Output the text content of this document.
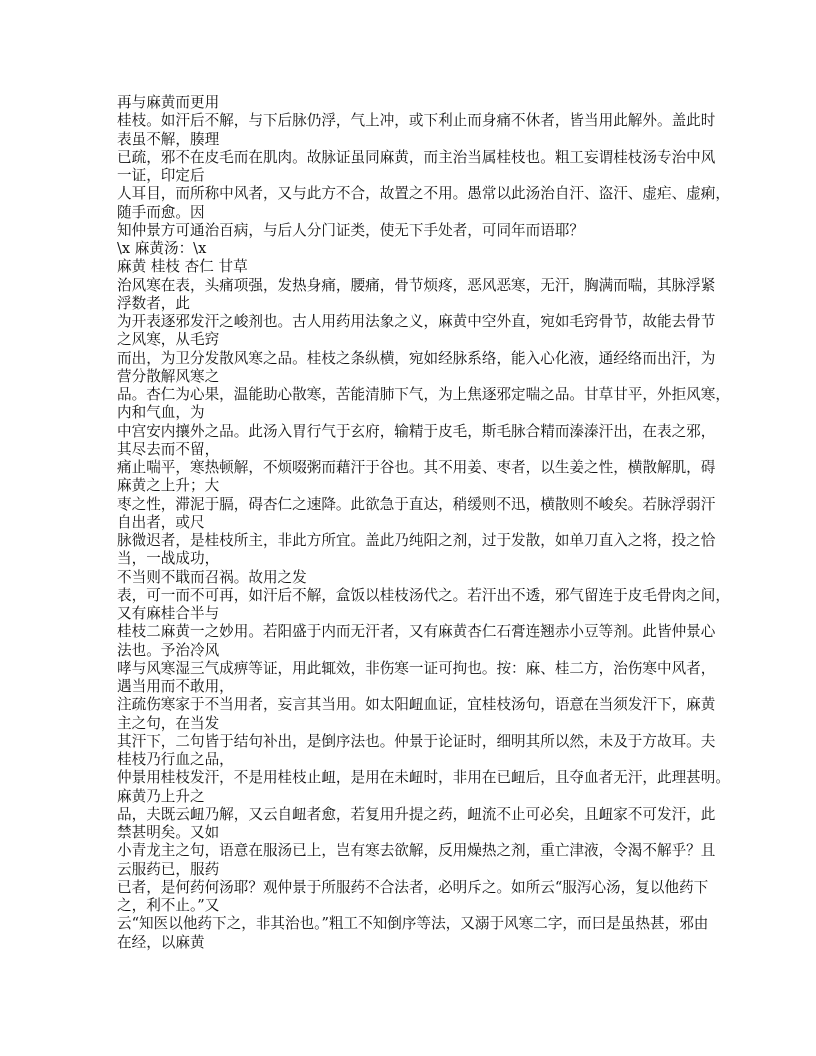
再与麻黄而更用
桂枝。如汗后不解，与下后脉仍浮，气上冲，或下利止而身痛不休者，皆当用此解外。盖此时
表虽不解，腠理
已疏，邪不在皮毛而在肌肉。故脉证虽同麻黄，而主治当属桂枝也。粗工妄谓桂枝汤专治中风
一证，印定后
人耳目，而所称中风者，又与此方不合，故置之不用。愚常以此汤治自汗、盗汗、虚疟、虚痢，
随手而愈。因
知仲景方可通治百病，与后人分门证类，使无下手处者，可同年而语耶？
\x 麻黄汤：\x
麻黄 桂枝 杏仁 甘草
治风寒在表，头痛项强，发热身痛，腰痛，骨节烦疼，恶风恶寒，无汗，胸满而喘，其脉浮紧
浮数者，此
为开表逐邪发汗之峻剂也。古人用药用法象之义，麻黄中空外直，宛如毛窍骨节，故能去骨节
之风寒，从毛窍
而出，为卫分发散风寒之品。桂枝之条纵横，宛如经脉系络，能入心化液，通经络而出汗，为
营分散解风寒之
品。杏仁为心果，温能助心散寒，苦能清肺下气，为上焦逐邪定喘之品。甘草甘平，外拒风寒，
内和气血，为
中宫安内攘外之品。此汤入胃行气于玄府，输精于皮毛，斯毛脉合精而溱溱汗出，在表之邪，
其尽去而不留，
痛止喘平，寒热顿解，不烦啜粥而藉汗于谷也。其不用姜、枣者，以生姜之性，横散解肌，碍
麻黄之上升；大
枣之性，滞泥于膈，碍杏仁之速降。此欲急于直达，稍缓则不迅，横散则不峻矣。若脉浮弱汗
自出者，或尺
脉微迟者，是桂枝所主，非此方所宜。盖此乃纯阳之剂，过于发散，如单刀直入之将，投之恰
当，一战成功，
不当则不戢而召祸。故用之发
表，可一而不可再，如汗后不解，盒饭以桂枝汤代之。若汗出不透，邪气留连于皮毛骨肉之间，
又有麻桂合半与
桂枝二麻黄一之妙用。若阳盛于内而无汗者，又有麻黄杏仁石膏连翘赤小豆等剂。此皆仲景心
法也。予治冷风
哮与风寒湿三气成痹等证，用此辄效，非伤寒一证可拘也。按：麻、桂二方，治伤寒中风者，
遇当用而不敢用，
注疏伤寒家于不当用者，妄言其当用。如太阳衄血证，宜桂枝汤句，语意在当须发汗下，麻黄
主之句，在当发
其汗下，二句皆于结句补出，是倒序法也。仲景于论证时，细明其所以然，未及于方故耳。夫
桂枝乃行血之品，
仲景用桂枝发汗，不是用桂枝止衄，是用在未衄时，非用在已衄后，且夺血者无汗，此理甚明。
麻黄乃上升之
品，夫既云衄乃解，又云自衄者愈，若复用升提之药，衄流不止可必矣，且衄家不可发汗，此
禁甚明矣。又如
小青龙主之句，语意在服汤已上，岂有寒去欲解，反用燥热之剂，重亡津液，令渴不解乎？且
云服药已，服药
已者，是何药何汤耶？观仲景于所服药不合法者，必明斥之。如所云“服泻心汤，复以他药下
之，利不止。”又
云“知医以他药下之，非其治也。”粗工不知倒序等法，又溺于风寒二字，而曰是虽热甚，邪由
在经，以麻黄
